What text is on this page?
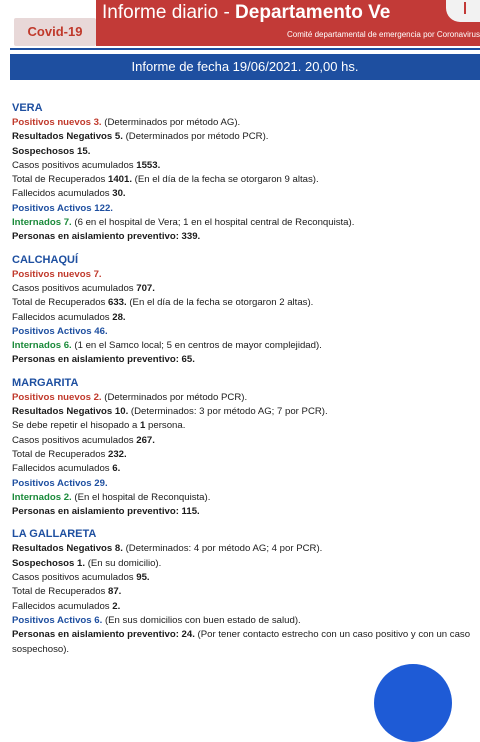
Covid-19
Informe diario - Departamento Ve
Comité departamental de emergencia por Coronavirus
Informe de fecha 19/06/2021. 20,00 hs.
VERA
Positivos nuevos 3. (Determinados por método AG).
Resultados Negativos 5. (Determinados por método PCR).
Sospechosos 15.
Casos positivos acumulados 1553.
Total de Recuperados 1401. (En el día de la fecha se otorgaron 9 altas).
Fallecidos acumulados 30.
Positivos Activos 122.
Internados 7. (6 en el hospital de Vera; 1 en el hospital central de Reconquista).
Personas en aislamiento preventivo: 339.
CALCHAQUÍ
Positivos nuevos 7.
Casos positivos acumulados 707.
Total de Recuperados 633. (En el día de la fecha se otorgaron 2 altas).
Fallecidos acumulados 28.
Positivos Activos 46.
Internados 6. (1 en el Samco local; 5 en centros de mayor complejidad).
Personas en aislamiento preventivo: 65.
MARGARITA
Positivos nuevos 2. (Determinados por método PCR).
Resultados Negativos 10. (Determinados: 3 por método AG; 7 por PCR).
Se debe repetir el hisopado a 1 persona.
Casos positivos acumulados 267.
Total de Recuperados 232.
Fallecidos acumulados 6.
Positivos Activos 29.
Internados 2. (En el hospital de Reconquista).
Personas en aislamiento preventivo: 115.
LA GALLARETA
Resultados Negativos 8. (Determinados: 4 por método AG; 4 por PCR).
Sospechosos 1. (En su domicilio).
Casos positivos acumulados 95.
Total de Recuperados 87.
Fallecidos acumulados 2.
Positivos Activos 6. (En sus domicilios con buen estado de salud).
Personas en aislamiento preventivo: 24. (Por tener contacto estrecho con un caso positivo y con un caso sospechoso).
